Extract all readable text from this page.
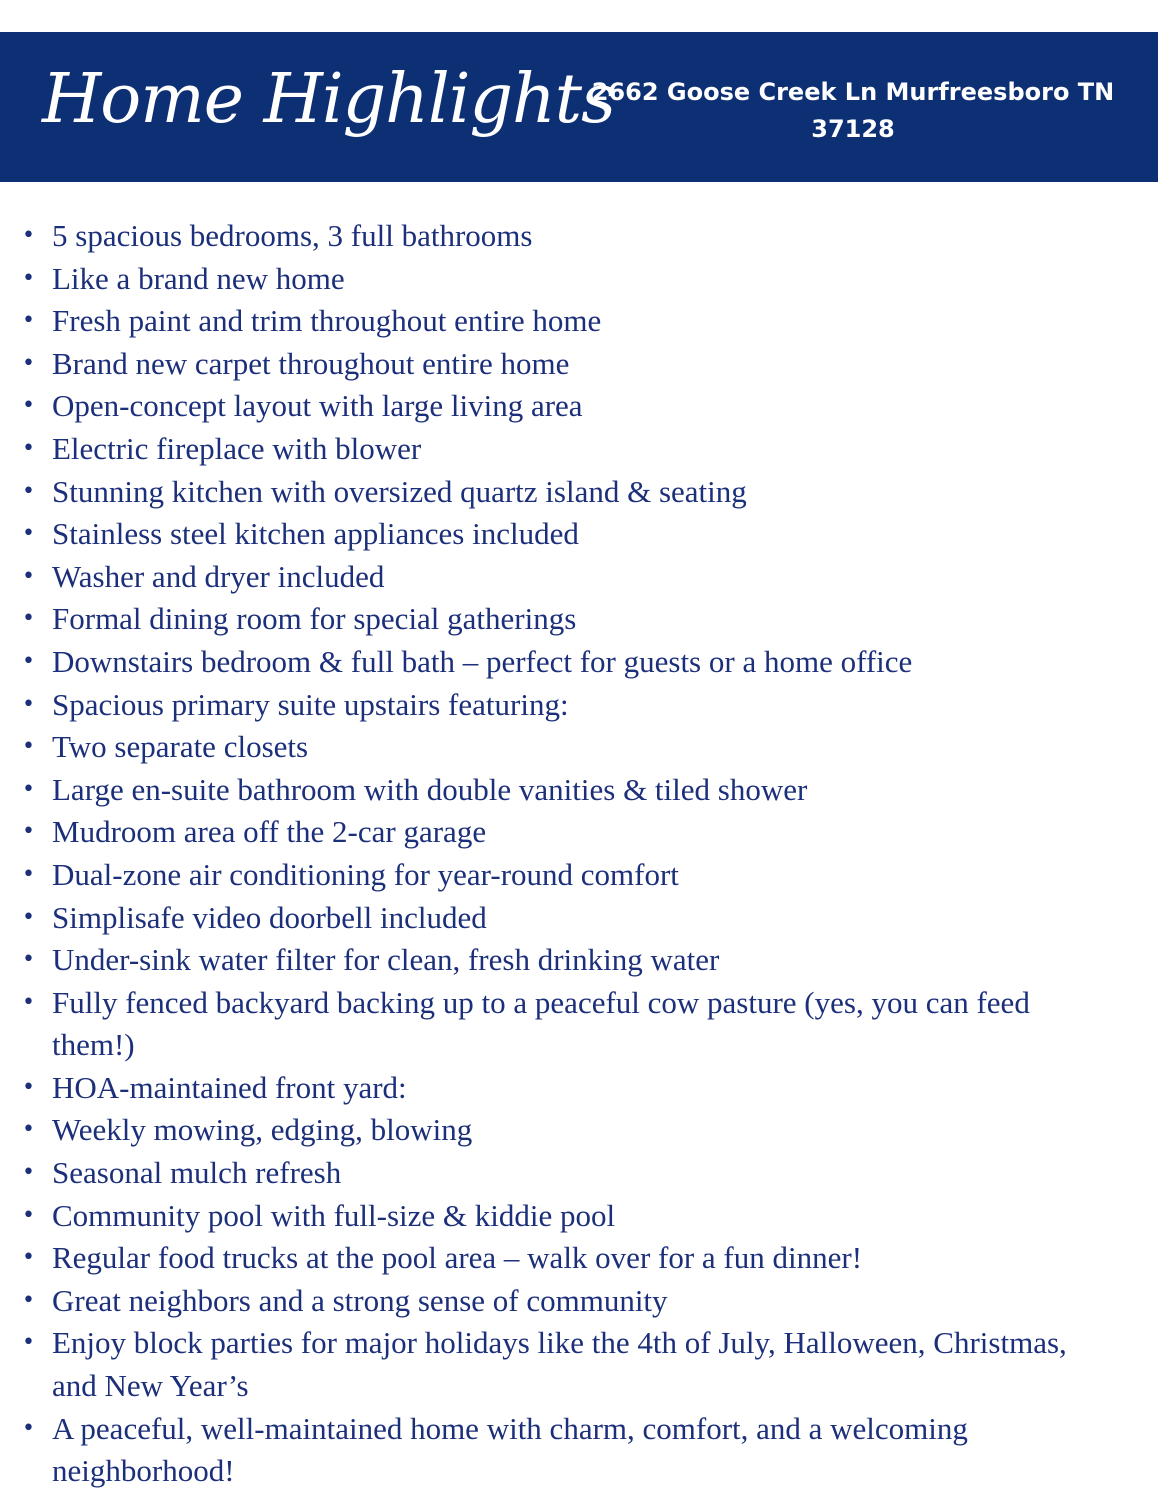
Home Highlights
2662 Goose Creek Ln Murfreesboro TN 37128
• 5 spacious bedrooms, 3 full bathrooms
• Like a brand new home
• Fresh paint and trim throughout entire home
• Brand new carpet throughout entire home
• Open-concept layout with large living area
• Electric fireplace with blower
• Stunning kitchen with oversized quartz island & seating
• Stainless steel kitchen appliances included
• Washer and dryer included
• Formal dining room for special gatherings
• Downstairs bedroom & full bath – perfect for guests or a home office
• Spacious primary suite upstairs featuring:
• Two separate closets
• Large en-suite bathroom with double vanities & tiled shower
• Mudroom area off the 2-car garage
• Dual-zone air conditioning for year-round comfort
• Simplisafe video doorbell included
• Under-sink water filter for clean, fresh drinking water
• Fully fenced backyard backing up to a peaceful cow pasture (yes, you can feed them!)
• HOA-maintained front yard:
• Weekly mowing, edging, blowing
• Seasonal mulch refresh
• Community pool with full-size & kiddie pool
• Regular food trucks at the pool area – walk over for a fun dinner!
• Great neighbors and a strong sense of community
• Enjoy block parties for major holidays like the 4th of July, Halloween, Christmas, and New Year’s
• A peaceful, well-maintained home with charm, comfort, and a welcoming neighborhood!
